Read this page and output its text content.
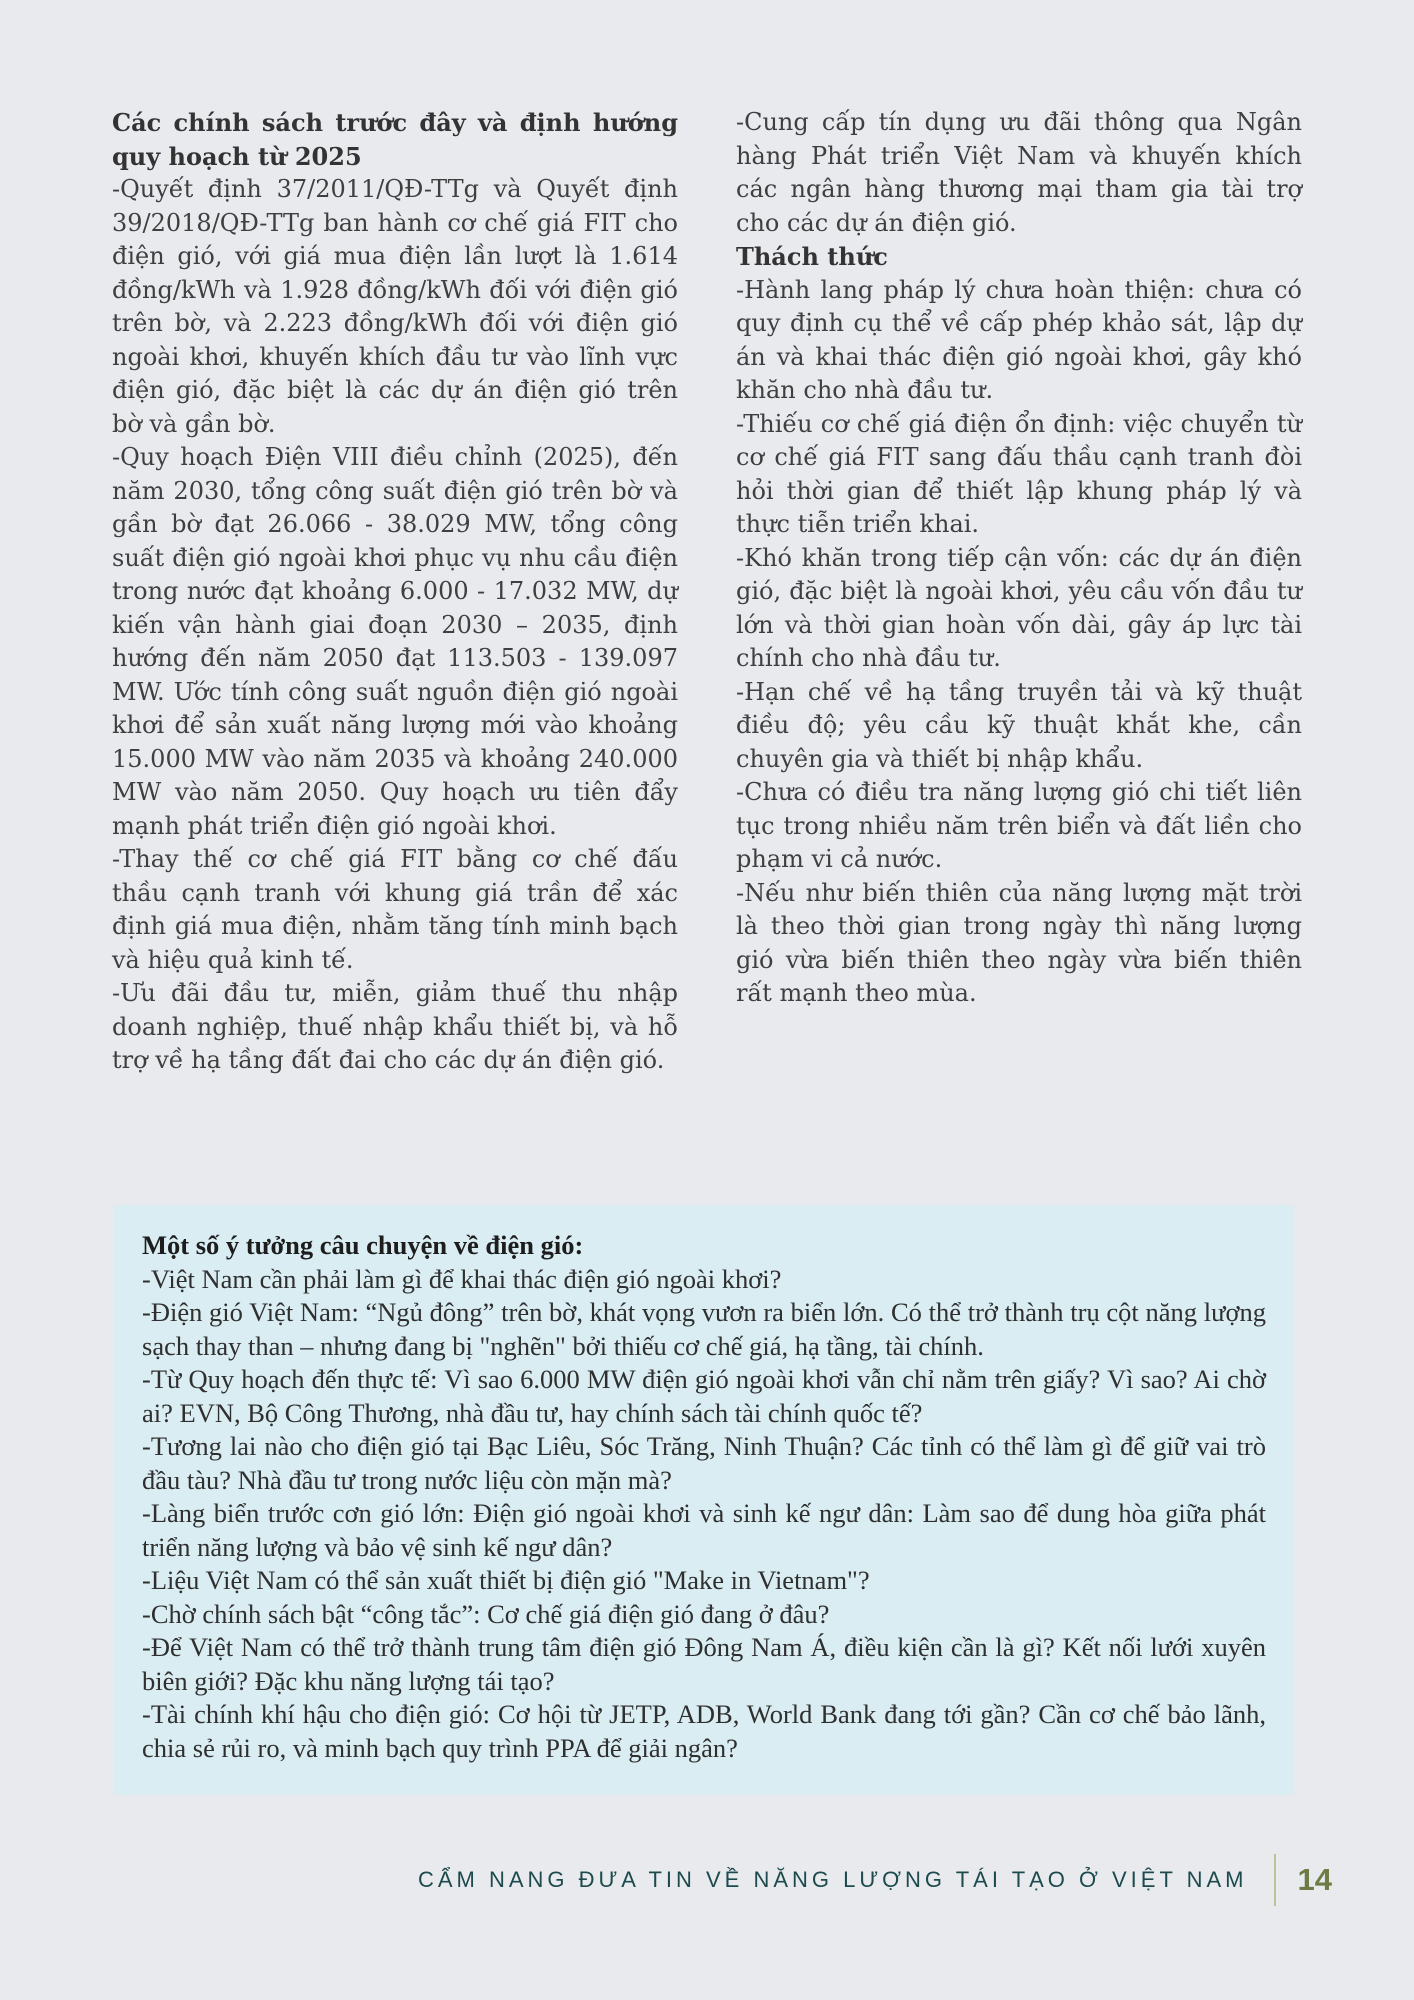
Các chính sách trước đây và định hướng quy hoạch từ 2025

-Quyết định 37/2011/QĐ-TTg và Quyết định 39/2018/QĐ-TTg ban hành cơ chế giá FIT cho điện gió, với giá mua điện lần lượt là 1.614 đồng/kWh và 1.928 đồng/kWh đối với điện gió trên bờ, và 2.223 đồng/kWh đối với điện gió ngoài khơi, khuyến khích đầu tư vào lĩnh vực điện gió, đặc biệt là các dự án điện gió trên bờ và gần bờ.

-Quy hoạch Điện VIII điều chỉnh (2025), đến năm 2030, tổng công suất điện gió trên bờ và gần bờ đạt 26.066 - 38.029 MW, tổng công suất điện gió ngoài khơi phục vụ nhu cầu điện trong nước đạt khoảng 6.000 - 17.032 MW, dự kiến vận hành giai đoạn 2030 – 2035, định hướng đến năm 2050 đạt 113.503 - 139.097 MW. Ước tính công suất nguồn điện gió ngoài khơi để sản xuất năng lượng mới vào khoảng 15.000 MW vào năm 2035 và khoảng 240.000 MW vào năm 2050. Quy hoạch ưu tiên đẩy mạnh phát triển điện gió ngoài khơi.

-Thay thế cơ chế giá FIT bằng cơ chế đấu thầu cạnh tranh với khung giá trần để xác định giá mua điện, nhằm tăng tính minh bạch và hiệu quả kinh tế.

-Ưu đãi đầu tư, miễn, giảm thuế thu nhập doanh nghiệp, thuế nhập khẩu thiết bị, và hỗ trợ về hạ tầng đất đai cho các dự án điện gió.

-Cung cấp tín dụng ưu đãi thông qua Ngân hàng Phát triển Việt Nam và khuyến khích các ngân hàng thương mại tham gia tài trợ cho các dự án điện gió.

Thách thức

-Hành lang pháp lý chưa hoàn thiện: chưa có quy định cụ thể về cấp phép khảo sát, lập dự án và khai thác điện gió ngoài khơi, gây khó khăn cho nhà đầu tư.

-Thiếu cơ chế giá điện ổn định: việc chuyển từ cơ chế giá FIT sang đấu thầu cạnh tranh đòi hỏi thời gian để thiết lập khung pháp lý và thực tiễn triển khai.

-Khó khăn trong tiếp cận vốn: các dự án điện gió, đặc biệt là ngoài khơi, yêu cầu vốn đầu tư lớn và thời gian hoàn vốn dài, gây áp lực tài chính cho nhà đầu tư.

-Hạn chế về hạ tầng truyền tải và kỹ thuật điều độ; yêu cầu kỹ thuật khắt khe, cần chuyên gia và thiết bị nhập khẩu.

-Chưa có điều tra năng lượng gió chi tiết liên tục trong nhiều năm trên biển và đất liền cho phạm vi cả nước.

-Nếu như biến thiên của năng lượng mặt trời là theo thời gian trong ngày thì năng lượng gió vừa biến thiên theo ngày vừa biến thiên rất mạnh theo mùa.

Một số ý tưởng câu chuyện về điện gió:

-Việt Nam cần phải làm gì để khai thác điện gió ngoài khơi?

-Điện gió Việt Nam: “Ngủ đông” trên bờ, khát vọng vươn ra biển lớn. Có thể trở thành trụ cột năng lượng sạch thay than – nhưng đang bị "nghẽn" bởi thiếu cơ chế giá, hạ tầng, tài chính.

-Từ Quy hoạch đến thực tế: Vì sao 6.000 MW điện gió ngoài khơi vẫn chỉ nằm trên giấy? Vì sao? Ai chờ ai? EVN, Bộ Công Thương, nhà đầu tư, hay chính sách tài chính quốc tế?

-Tương lai nào cho điện gió tại Bạc Liêu, Sóc Trăng, Ninh Thuận? Các tỉnh có thể làm gì để giữ vai trò đầu tàu? Nhà đầu tư trong nước liệu còn mặn mà?

-Làng biển trước cơn gió lớn: Điện gió ngoài khơi và sinh kế ngư dân: Làm sao để dung hòa giữa phát triển năng lượng và bảo vệ sinh kế ngư dân?

-Liệu Việt Nam có thể sản xuất thiết bị điện gió "Make in Vietnam"?

-Chờ chính sách bật “công tắc”: Cơ chế giá điện gió đang ở đâu?

-Để Việt Nam có thể trở thành trung tâm điện gió Đông Nam Á, điều kiện cần là gì? Kết nối lưới xuyên biên giới? Đặc khu năng lượng tái tạo?

-Tài chính khí hậu cho điện gió: Cơ hội từ JETP, ADB, World Bank đang tới gần? Cần cơ chế bảo lãnh, chia sẻ rủi ro, và minh bạch quy trình PPA để giải ngân?

CẨM NANG ĐƯA TIN VỀ NĂNG LƯỢNG TÁI TẠO Ở VIỆT NAM 14
